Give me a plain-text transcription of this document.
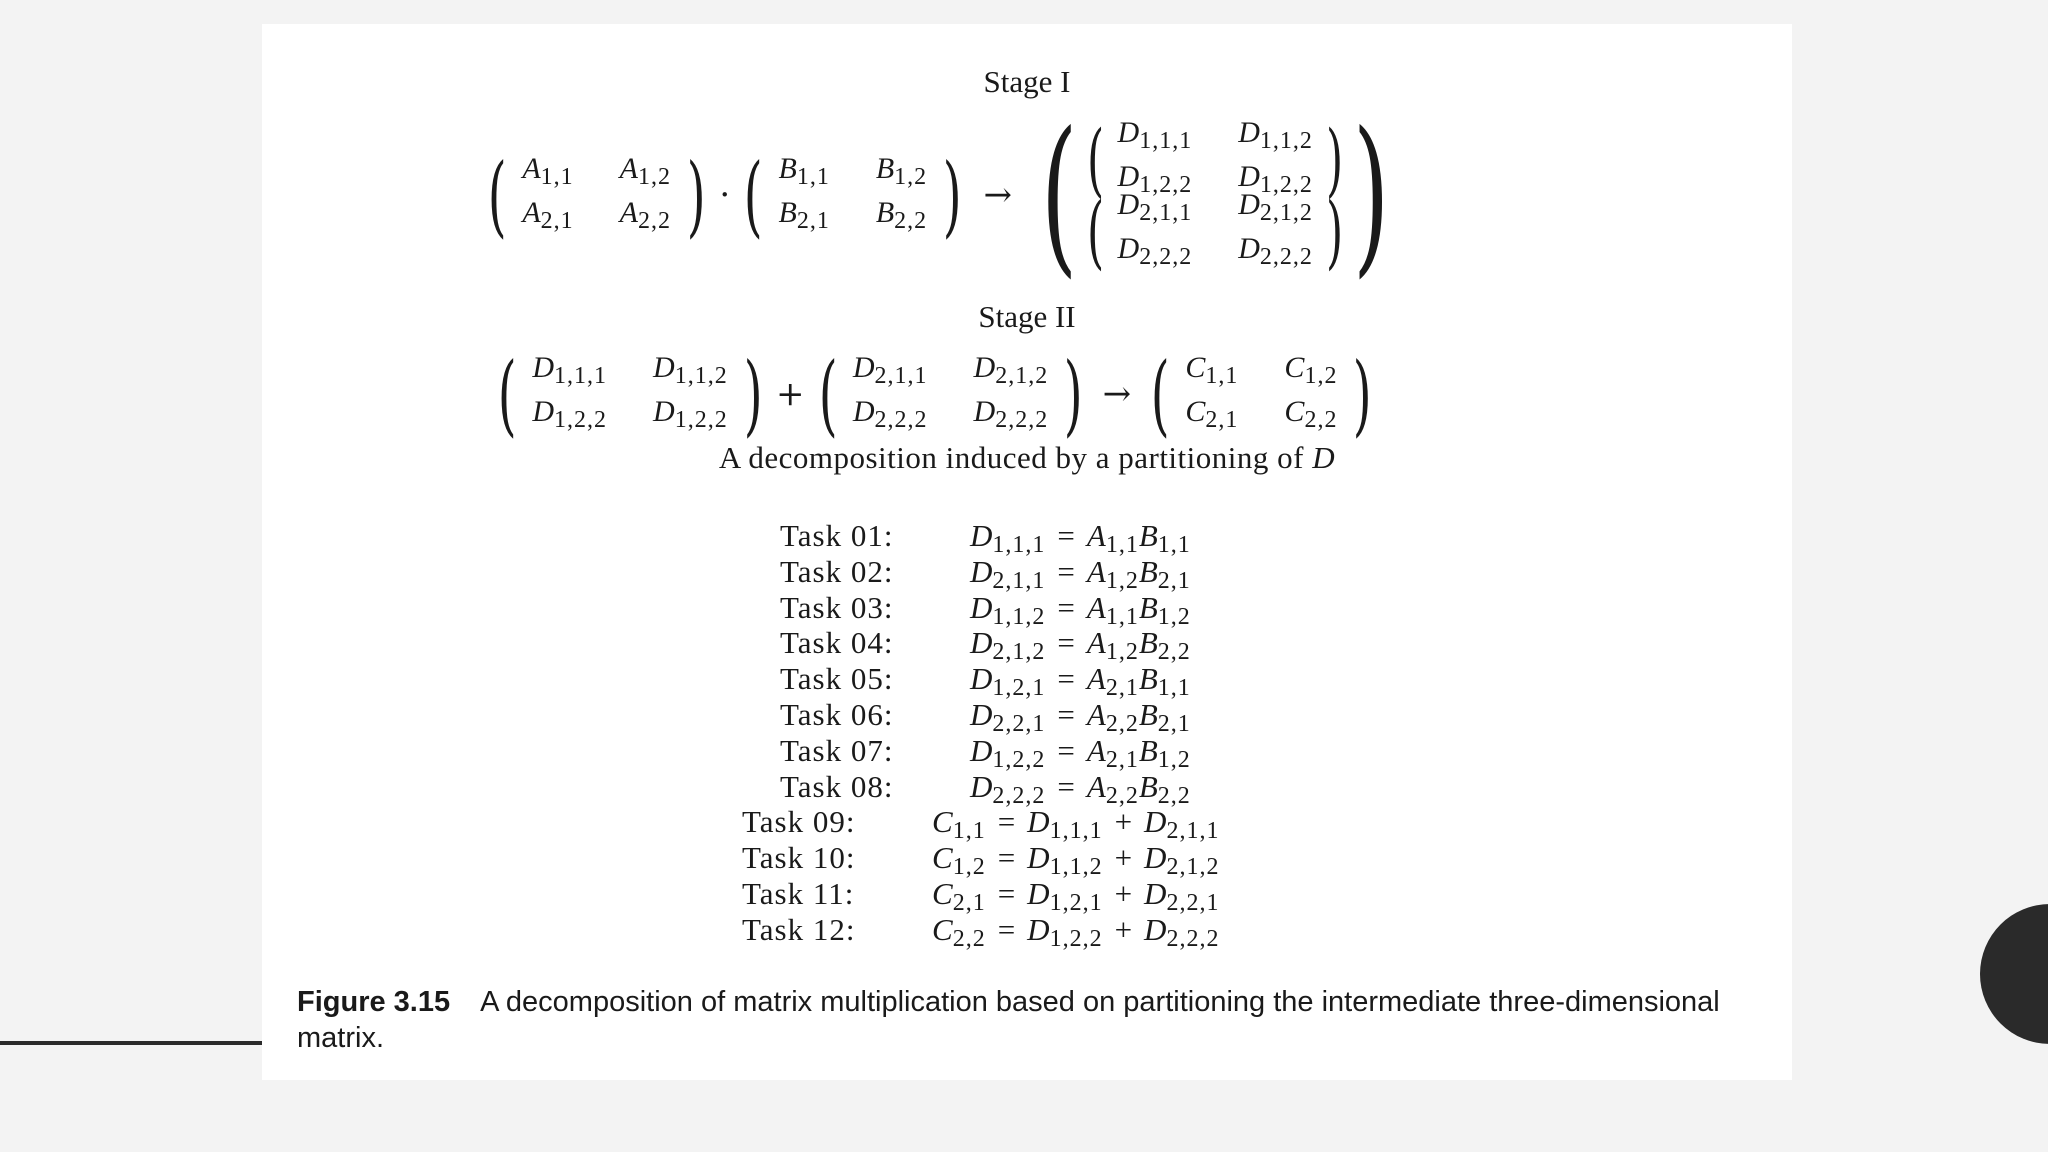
Stage I
( $A_{1,1}$ $A_{1,2}$
$A_{2,1}$ $A_{2,2}$ ) · ( $B_{1,1}$ $B_{1,2}$
$B_{2,1}$ $B_{2,2}$ ) → ( ( $D_{1,1,1}$ $D_{1,1,2}$
$D_{1,2,2}$ $D_{1,2,2}$ )
( $D_{2,1,1}$ $D_{2,1,2}$
$D_{2,2,2}$ $D_{2,2,2}$ ) )
Stage II
( $D_{1,1,1}$ $D_{1,1,2}$
$D_{1,2,2}$ $D_{1,2,2}$ ) + ( $D_{2,1,1}$ $D_{2,1,2}$
$D_{2,2,2}$ $D_{2,2,2}$ ) → ( $C_{1,1}$ $C_{1,2}$
$C_{2,1}$ $C_{2,2}$ )
A decomposition induced by a partitioning of D
Task 01:	$D_{1,1,1} = A_{1,1}B_{1,1}$
Task 02:	$D_{2,1,1} = A_{1,2}B_{2,1}$
Task 03:	$D_{1,1,2} = A_{1,1}B_{1,2}$
Task 04:	$D_{2,1,2} = A_{1,2}B_{2,2}$
Task 05:	$D_{1,2,1} = A_{2,1}B_{1,1}$
Task 06:	$D_{2,2,1} = A_{2,2}B_{2,1}$
Task 07:	$D_{1,2,2} = A_{2,1}B_{1,2}$
Task 08:	$D_{2,2,2} = A_{2,2}B_{2,2}$
Task 09:	$C_{1,1} = D_{1,1,1} + D_{2,1,1}$
Task 10:	$C_{1,2} = D_{1,1,2} + D_{2,1,2}$
Task 11:	$C_{2,1} = D_{1,2,1} + D_{2,2,1}$
Task 12:	$C_{2,2} = D_{1,2,2} + D_{2,2,2}$
Figure 3.15 A decomposition of matrix multiplication based on partitioning the intermediate three-dimensional matrix.
